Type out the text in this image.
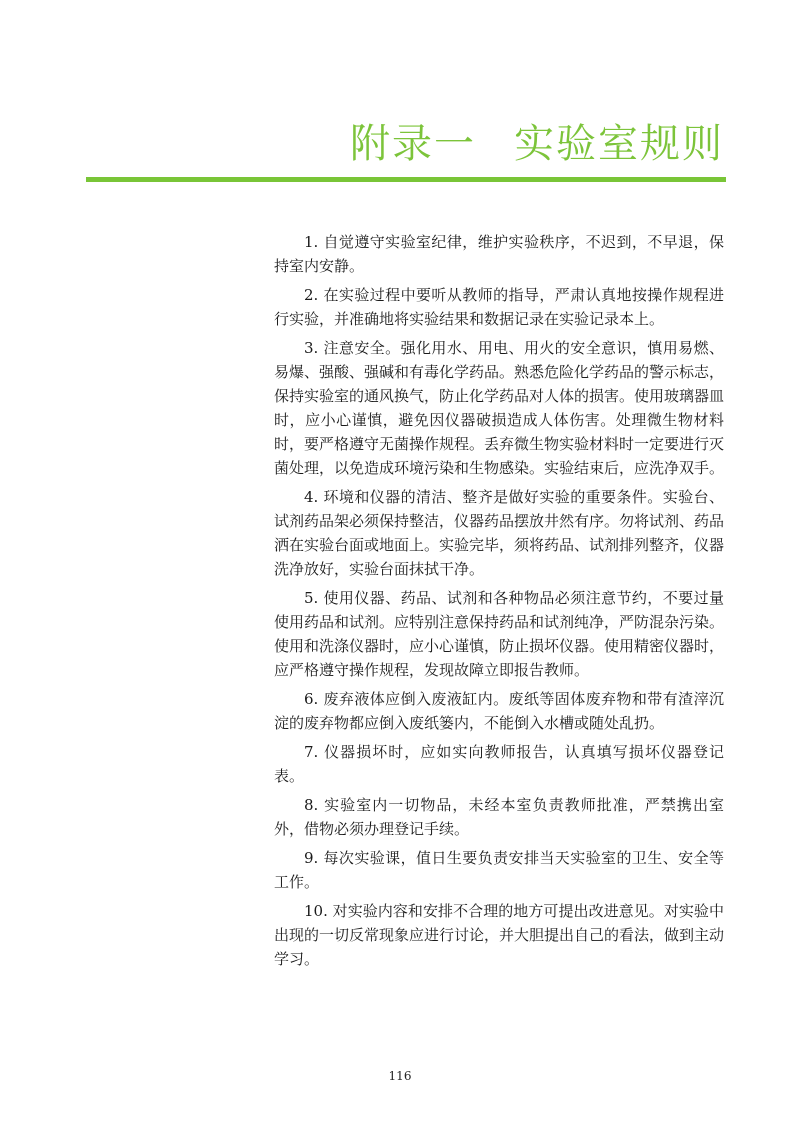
附录一 实验室规则

1. 自觉遵守实验室纪律，维护实验秩序，不迟到，不早退，保持室内安静。

2. 在实验过程中要听从教师的指导，严肃认真地按操作规程进行实验，并准确地将实验结果和数据记录在实验记录本上。

3. 注意安全。强化用水、用电、用火的安全意识，慎用易燃、易爆、强酸、强碱和有毒化学药品。熟悉危险化学药品的警示标志，保持实验室的通风换气，防止化学药品对人体的损害。使用玻璃器皿时，应小心谨慎，避免因仪器破损造成人体伤害。处理微生物材料时，要严格遵守无菌操作规程。丢弃微生物实验材料时一定要进行灭菌处理，以免造成环境污染和生物感染。实验结束后，应洗净双手。

4. 环境和仪器的清洁、整齐是做好实验的重要条件。实验台、试剂药品架必须保持整洁，仪器药品摆放井然有序。勿将试剂、药品洒在实验台面或地面上。实验完毕，须将药品、试剂排列整齐，仪器洗净放好，实验台面抹拭干净。

5. 使用仪器、药品、试剂和各种物品必须注意节约，不要过量使用药品和试剂。应特别注意保持药品和试剂纯净，严防混杂污染。使用和洗涤仪器时，应小心谨慎，防止损坏仪器。使用精密仪器时，应严格遵守操作规程，发现故障立即报告教师。

6. 废弃液体应倒入废液缸内。废纸等固体废弃物和带有渣滓沉淀的废弃物都应倒入废纸篓内，不能倒入水槽或随处乱扔。

7. 仪器损坏时，应如实向教师报告，认真填写损坏仪器登记表。

8. 实验室内一切物品，未经本室负责教师批准，严禁携出室外，借物必须办理登记手续。

9. 每次实验课，值日生要负责安排当天实验室的卫生、安全等工作。

10. 对实验内容和安排不合理的地方可提出改进意见。对实验中出现的一切反常现象应进行讨论，并大胆提出自己的看法，做到主动学习。

116
